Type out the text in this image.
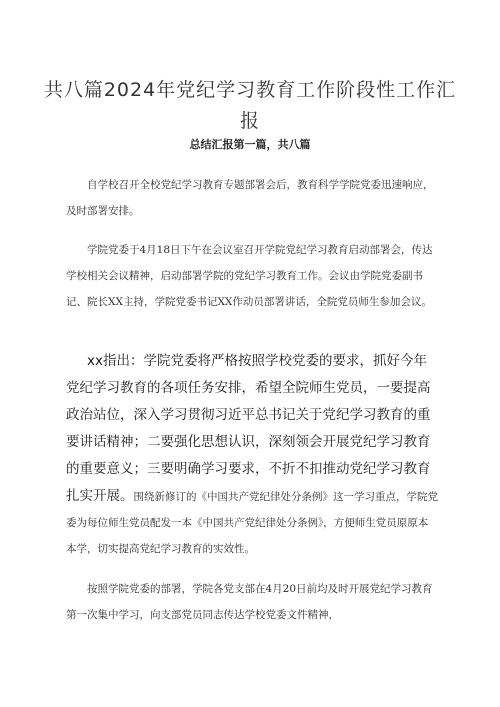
共八篇2024年党纪学习教育工作阶段性工作汇报
总结汇报第一篇，共八篇

自学校召开全校党纪学习教育专题部署会后，教育科学学院党委迅速响应，及时部署安排。

学院党委于4月18日下午在会议室召开学院党纪学习教育启动部署会，传达学校相关会议精神，启动部署学院的党纪学习教育工作。会议由学院党委副书记、院长XX主持，学院党委书记XX作动员部署讲话，全院党员师生参加会议。

xx指出：学院党委将严格按照学校党委的要求，抓好今年党纪学习教育的各项任务安排，希望全院师生党员，一要提高政治站位，深入学习贯彻习近平总书记关于党纪学习教育的重要讲话精神；二要强化思想认识，深刻领会开展党纪学习教育的重要意义；三要明确学习要求，不折不扣推动党纪学习教育扎实开展。围绕新修订的《中国共产党纪律处分条例》这一学习重点，学院党委为每位师生党员配发一本《中国共产党纪律处分条例》，方便师生党员原原本本学，切实提高党纪学习教育的实效性。

按照学院党委的部署，学院各党支部在4月20日前均及时开展党纪学习教育第一次集中学习，向支部党员同志传达学校党委文件精神，
